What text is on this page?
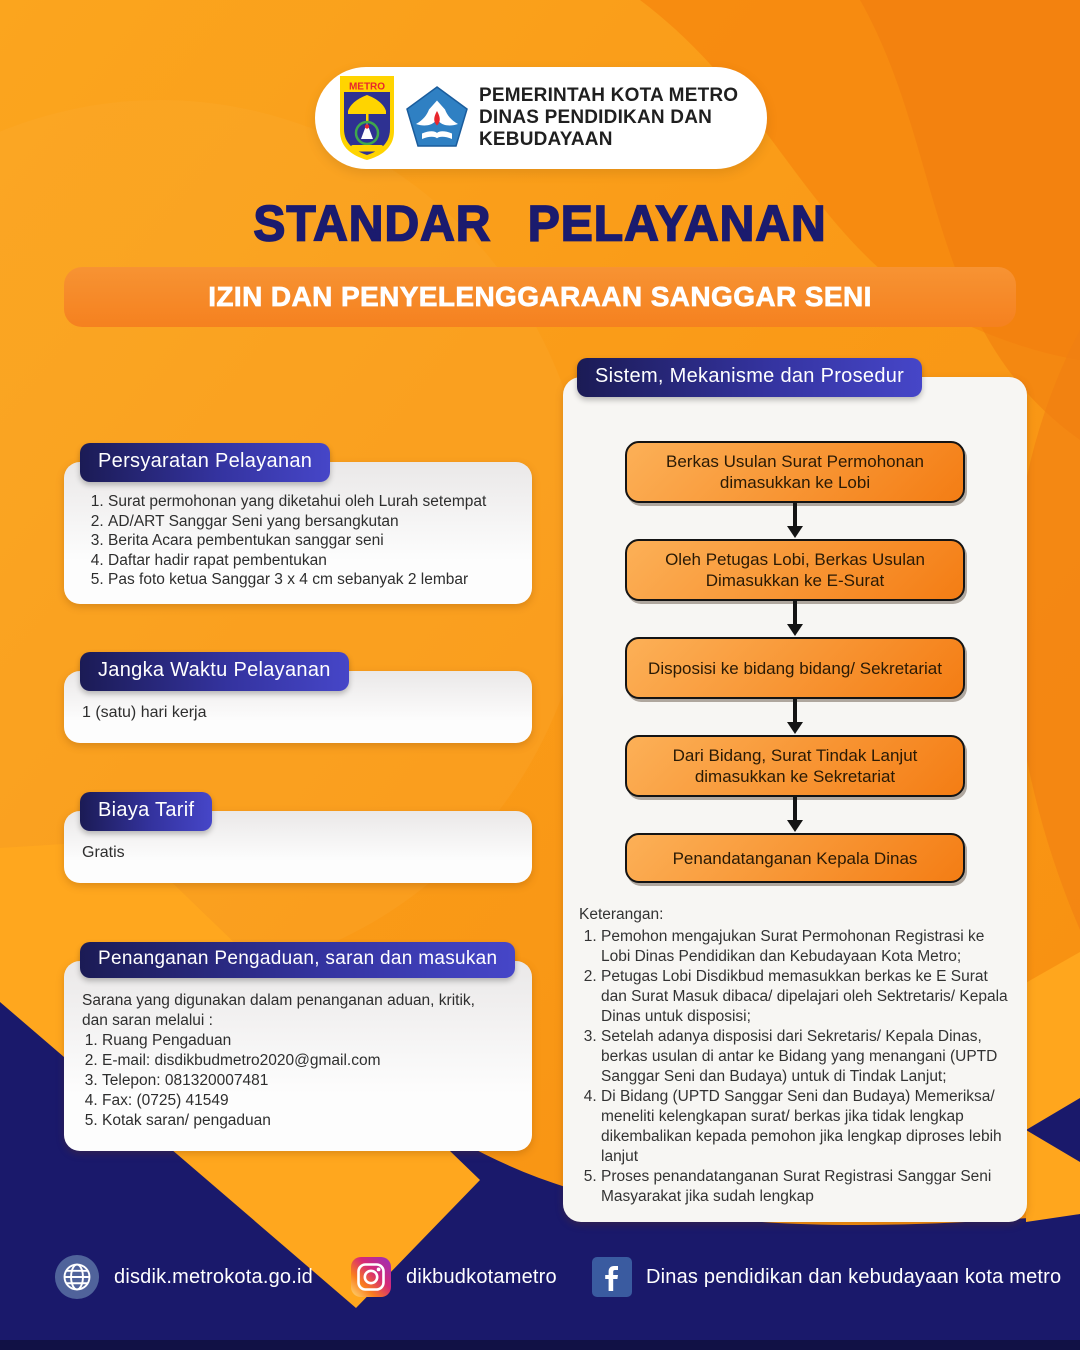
METRO	PEMERINTAH KOTA METRO
DINAS PENDIDIKAN DAN
KEBUDAYAAN
STANDAR PELAYANAN
IZIN DAN PENYELENGGARAAN SANGGAR SENI
Persyaratan Pelayanan
1. Surat permohonan yang diketahui oleh Lurah setempat
2. AD/ART Sanggar Seni yang bersangkutan
3. Berita Acara pembentukan sanggar seni
4. Daftar hadir rapat pembentukan
5. Pas foto ketua Sanggar 3 x 4 cm sebanyak 2 lembar
Jangka Waktu Pelayanan
1 (satu) hari kerja
Biaya Tarif
Gratis
Penanganan Pengaduan, saran dan masukan
Sarana yang digunakan dalam penanganan aduan, kritik, dan saran melalui :
1. Ruang Pengaduan
2. E-mail: disdikbudmetro2020@gmail.com
3. Telepon: 081320007481
4. Fax: (0725) 41549
5. Kotak saran/ pengaduan
Sistem, Mekanisme dan Prosedur
Berkas Usulan Surat Permohonan dimasukkan ke Lobi
Oleh Petugas Lobi, Berkas Usulan Dimasukkan ke E-Surat
Disposisi ke bidang bidang/ Sekretariat
Dari Bidang, Surat Tindak Lanjut dimasukkan ke Sekretariat
Penandatanganan Kepala Dinas
Keterangan:
1. Pemohon mengajukan Surat Permohonan Registrasi ke Lobi Dinas Pendidikan dan Kebudayaan Kota Metro;
2. Petugas Lobi Disdikbud memasukkan berkas ke E Surat dan Surat Masuk dibaca/ dipelajari oleh Sektretaris/ Kepala Dinas untuk disposisi;
3. Setelah adanya disposisi dari Sekretaris/ Kepala Dinas, berkas usulan di antar ke Bidang yang menangani (UPTD Sanggar Seni dan Budaya) untuk di Tindak Lanjut;
4. Di Bidang (UPTD Sanggar Seni dan Budaya) Memeriksa/ meneliti kelengkapan surat/ berkas jika tidak lengkap dikembalikan kepada pemohon jika lengkap diproses lebih lanjut
5. Proses penandatanganan Surat Registrasi Sanggar Seni Masyarakat jika sudah lengkap
disdik.metrokota.go.id	dikbudkotametro	Dinas pendidikan dan kebudayaan kota metro
